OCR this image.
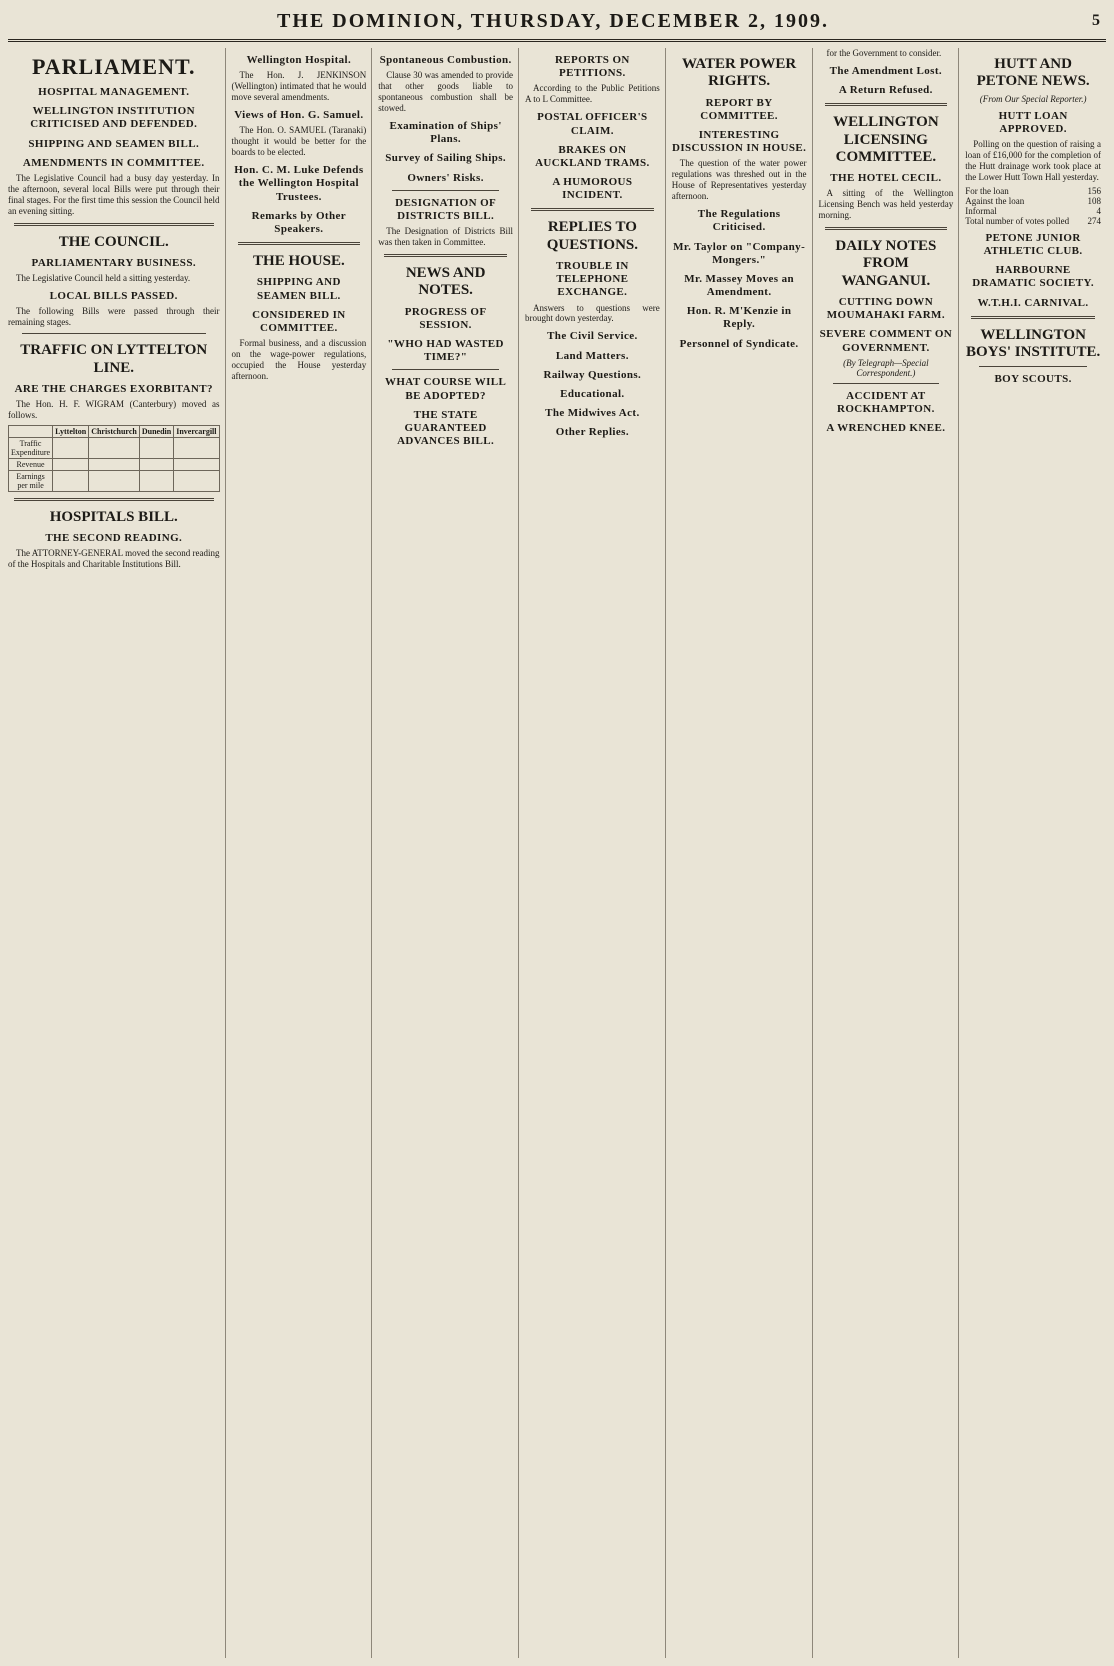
THE DOMINION, THURSDAY, DECEMBER 2, 1909.	5
PARLIAMENT.
HOSPITAL MANAGEMENT.
WELLINGTON INSTITUTION CRITICISED AND DEFENDED.
SHIPPING AND SEAMEN BILL.
AMENDMENTS IN COMMITTEE.

The Legislative Council had a busy day yesterday. In the afternoon, several local Bills were put through their final stages. For the first time this session the Council held an evening sitting.

THE COUNCIL.
PARLIAMENTARY BUSINESS.

The Legislative Council held a sitting yesterday.

LOCAL BILLS PASSED.

The following Bills were passed through their remaining stages.

TRAFFIC ON LYTTELTON LINE.
ARE THE CHARGES EXORBITANT?

The Hon. H. F. WIGRAM (Canterbury) moved as follows.

	Lyttelton	Christchurch	Dunedin	Invercargill
Traffic Expenditure				
Revenue				
Earnings per mile				
HOSPITALS BILL.
THE SECOND READING.

The ATTORNEY-GENERAL moved the second reading of the Hospitals and Charitable Institutions Bill.

Wellington Hospital.

The Hon. J. JENKINSON (Wellington) intimated that he would move several amendments.

Views of Hon. G. Samuel.

The Hon. O. SAMUEL (Taranaki) thought it would be better for the boards to be elected.

Hon. C. M. Luke Defends the Wellington Hospital Trustees.
Remarks by Other Speakers.
THE HOUSE.
SHIPPING AND SEAMEN BILL.
CONSIDERED IN COMMITTEE.

Formal business, and a discussion on the wage-power regulations, occupied the House yesterday afternoon.

Spontaneous Combustion.

Clause 30 was amended to provide that other goods liable to spontaneous combustion shall be stowed.

Examination of Ships' Plans.
Survey of Sailing Ships.
Owners' Risks.
DESIGNATION OF DISTRICTS BILL.

The Designation of Districts Bill was then taken in Committee.

NEWS AND NOTES.
PROGRESS OF SESSION.
"WHO HAD WASTED TIME?"
WHAT COURSE WILL BE ADOPTED?
THE STATE GUARANTEED ADVANCES BILL.
REPORTS ON PETITIONS.

According to the Public Petitions A to L Committee.

POSTAL OFFICER'S CLAIM.
BRAKES ON AUCKLAND TRAMS.
A HUMOROUS INCIDENT.
REPLIES TO QUESTIONS.
TROUBLE IN TELEPHONE EXCHANGE.

Answers to questions were brought down yesterday.

The Civil Service.
Land Matters.
Railway Questions.
Educational.
The Midwives Act.
Other Replies.
WATER POWER RIGHTS.
REPORT BY COMMITTEE.
INTERESTING DISCUSSION IN HOUSE.

The question of the water power regulations was threshed out in the House of Representatives yesterday afternoon.

The Regulations Criticised.
Mr. Taylor on "Company-Mongers."
Mr. Massey Moves an Amendment.
Hon. R. M'Kenzie in Reply.
Personnel of Syndicate.

for the Government to consider.

The Amendment Lost.
A Return Refused.
WELLINGTON LICENSING COMMITTEE.
THE HOTEL CECIL.

A sitting of the Wellington Licensing Bench was held yesterday morning.

DAILY NOTES FROM WANGANUI.
CUTTING DOWN MOUMAHAKI FARM.
SEVERE COMMENT ON GOVERNMENT.
(By Telegraph—Special Correspondent.)
ACCIDENT AT ROCKHAMPTON.
A WRENCHED KNEE.
HUTT AND PETONE NEWS.
(From Our Special Reporter.)
HUTT LOAN APPROVED.

Polling on the question of raising a loan of £16,000 for the completion of the Hutt drainage work took place at the Lower Hutt Town Hall yesterday.

For the loan	156
Against the loan	108
Informal	4
Total number of votes polled 274
PETONE JUNIOR ATHLETIC CLUB.
HARBOURNE DRAMATIC SOCIETY.
W.T.H.I. CARNIVAL.
WELLINGTON BOYS' INSTITUTE.
BOY SCOUTS.
